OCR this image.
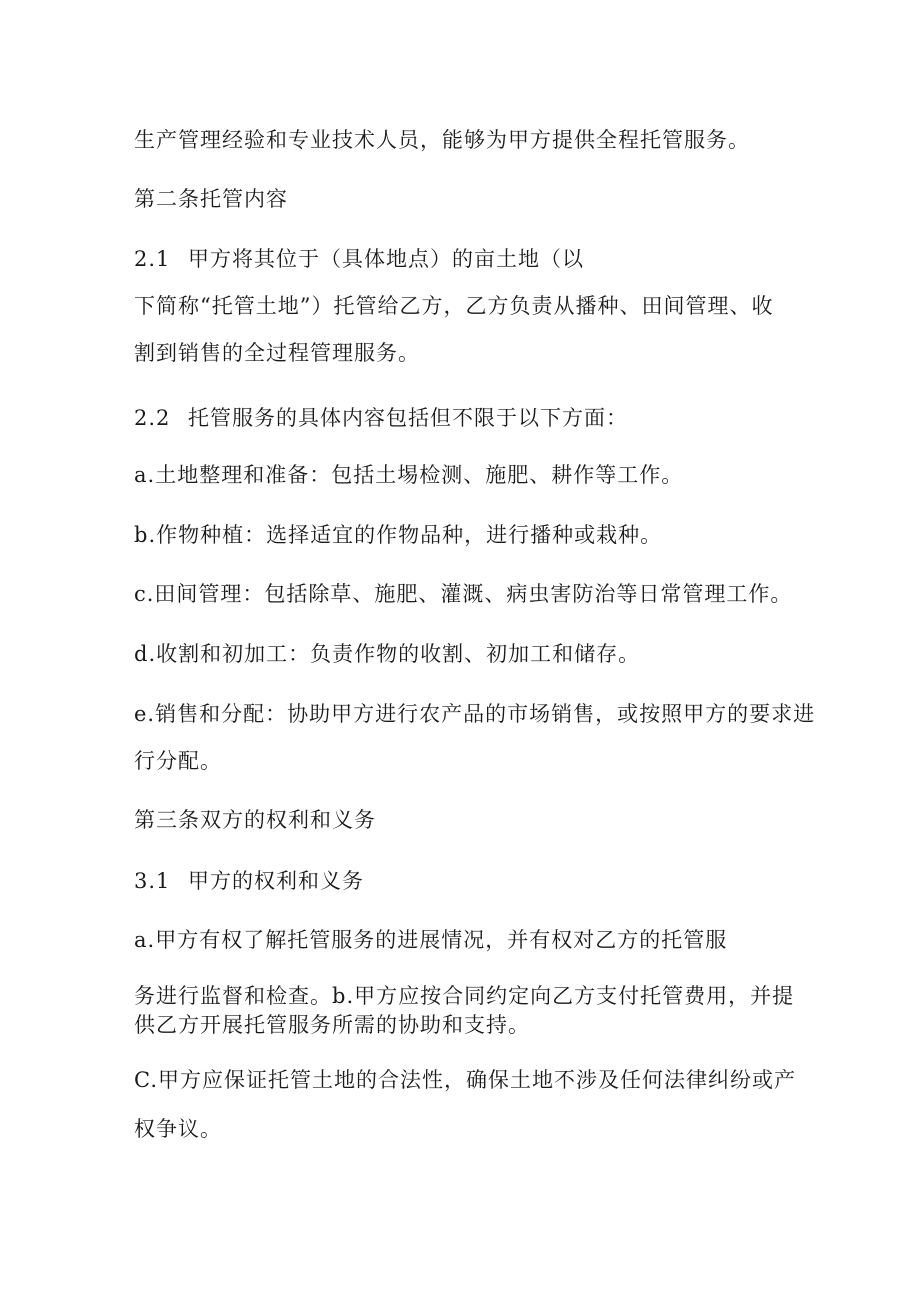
生产管理经验和专业技术人员，能够为甲方提供全程托管服务。
第二条托管内容
2.1 甲方将其位于（具体地点）的亩土地（以
下简称“托管土地”）托管给乙方，乙方负责从播种、田间管理、收
割到销售的全过程管理服务。
2.2 托管服务的具体内容包括但不限于以下方面：
a.土地整理和准备：包括土埸检测、施肥、耕作等工作。
b.作物种植：选择适宜的作物品种，进行播种或栽种。
c.田间管理：包括除草、施肥、灌溉、病虫害防治等日常管理工作。
d.收割和初加工：负责作物的收割、初加工和储存。
e.销售和分配：协助甲方进行农产品的市场销售，或按照甲方的要求进
行分配。
第三条双方的权利和义务
3.1 甲方的权利和义务
a.甲方有权了解托管服务的进展情况，并有权对乙方的托管服
务进行监督和检查。b.甲方应按合同约定向乙方支付托管费用，并提
供乙方开展托管服务所需的协助和支持。
C.甲方应保证托管土地的合法性，确保土地不涉及任何法律纠纷或产
权争议。
